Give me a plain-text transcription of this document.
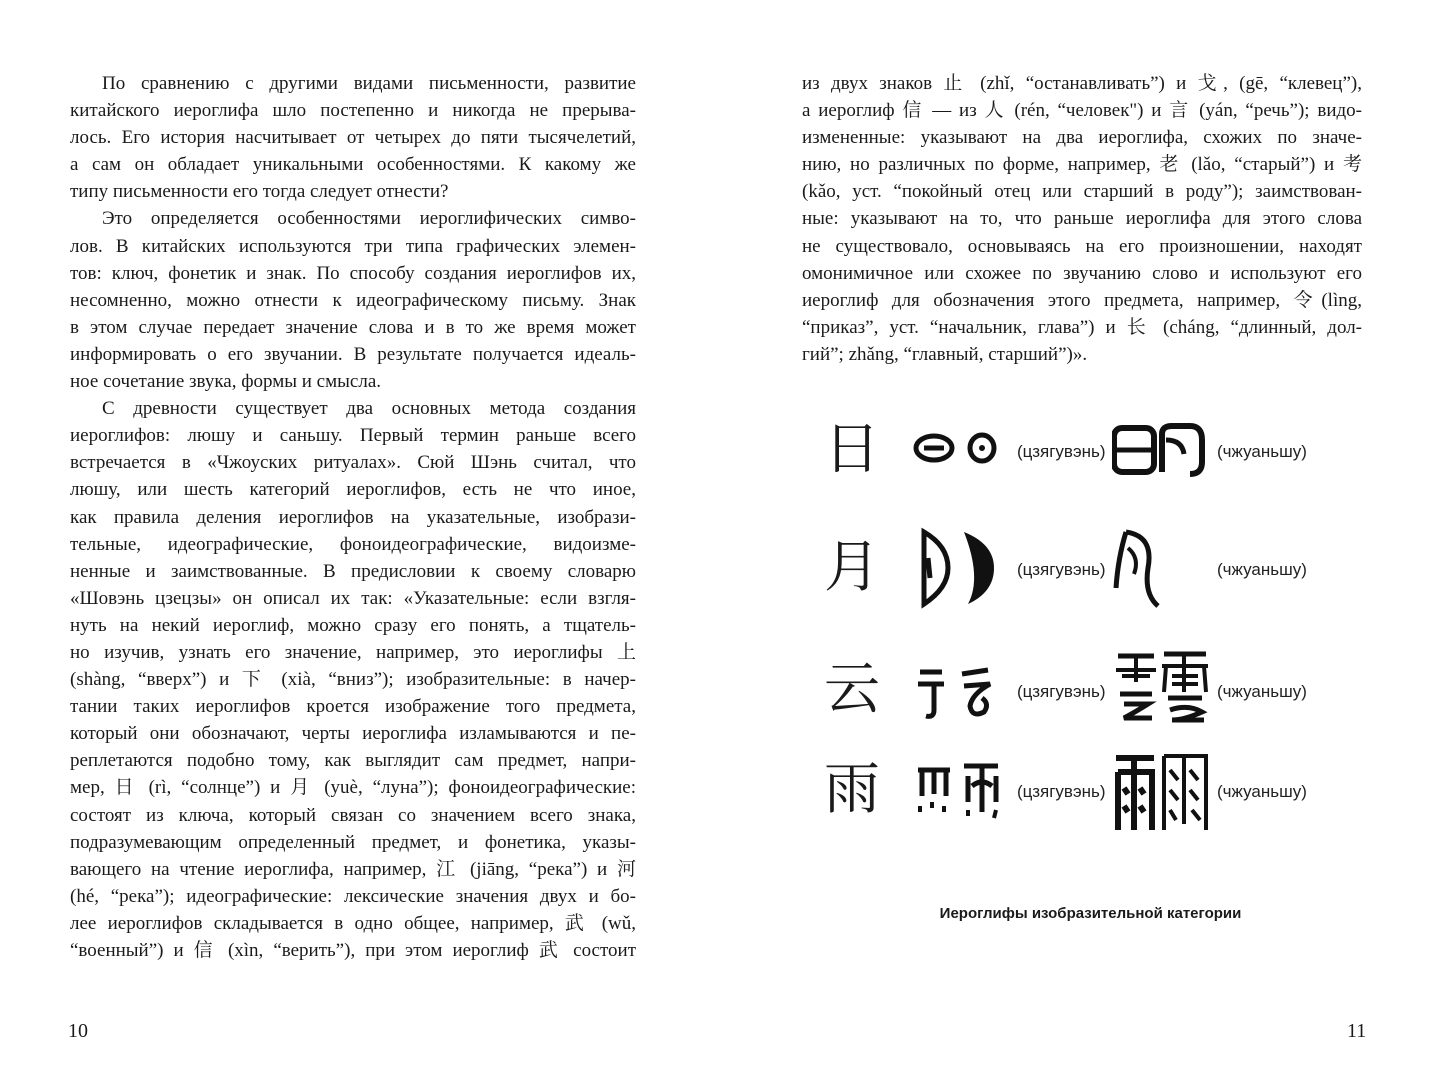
По сравнению с другими видами письменности, развитие
китайского иероглифа шло постепенно и никогда не прерыва-
лось. Его история насчитывает от четырех до пяти тысячелетий,
а сам он обладает уникальными особенностями. К какому же
типу письменности его тогда следует отнести?
Это определяется особенностями иероглифических симво-
лов. В китайских используются три типа графических элемен-
тов: ключ, фонетик и знак. По способу создания иероглифов их,
несомненно, можно отнести к идеографическому письму. Знак
в этом случае передает значение слова и в то же время может
информировать о его звучании. В результате получается идеаль-
ное сочетание звука, формы и смысла.
С древности существует два основных метода создания
иероглифов: люшу и саньшу. Первый термин раньше всего
встречается в «Чжоуских ритуалах». Сюй Шэнь считал, что
люшу, или шесть категорий иероглифов, есть не что иное,
как правила деления иероглифов на указательные, изобрази-
тельные, идеографические, фоноидеографические, видоизме-
ненные и заимствованные. В предисловии к своему словарю
«Шовэнь цзецзы» он описал их так: «Указательные: если взгля-
нуть на некий иероглиф, можно сразу его понять, а тщатель-
но изучив, узнать его значение, например, это иероглифы 上
(shàng, “вверх”) и 下 (xià, “вниз”); изобразительные: в начер-
тании таких иероглифов кроется изображение того предмета,
который они обозначают, черты иероглифа изламываются и пе-
реплетаются подобно тому, как выглядит сам предмет, напри-
мер, 日 (rì, “солнце”) и 月 (yuè, “луна”); фоноидеографические:
состоят из ключа, который связан со значением всего знака,
подразумевающим определенный предмет, и фонетика, указы-
вающего на чтение иероглифа, например, 江 (jiāng, “река”) и 河
(hé, “река”); идеографические: лексические значения двух и бо-
лее иероглифов складывается в одно общее, например, 武 (wǔ,
“военный”) и 信 (xìn, “верить”), при этом иероглиф 武 состоит
10
из двух знаков 止 (zhǐ, “останавливать”) и 戈, (gē, “клевец”),
а иероглиф 信 — из 人 (rén, “человек") и 言 (yán, “речь”); видо-
измененные: указывают на два иероглифа, схожих по значе-
нию, но различных по форме, например, 老 (lǎo, “старый”) и 考
(kǎo, уст. “покойный отец или старший в роду”); заимствован-
ные: указывают на то, что раньше иероглифа для этого слова
не существовало, основываясь на его произношении, находят
омонимичное или схожее по звучанию слово и используют его
иероглиф для обозначения этого предмета, например, 令(lìng,
“приказ”, уст. “начальник, глава”) и 长 (cháng, “длинный, дол-
гий”; zhǎng, “главный, старший”)».
日	(цзягувэнь)	(чжуаньшу)
月	(цзягувэнь)	(чжуаньшу)
云	(цзягувэнь)	(чжуаньшу)
雨	(цзягувэнь)	(чжуаньшу)
Иероглифы изобразительной категории
11
